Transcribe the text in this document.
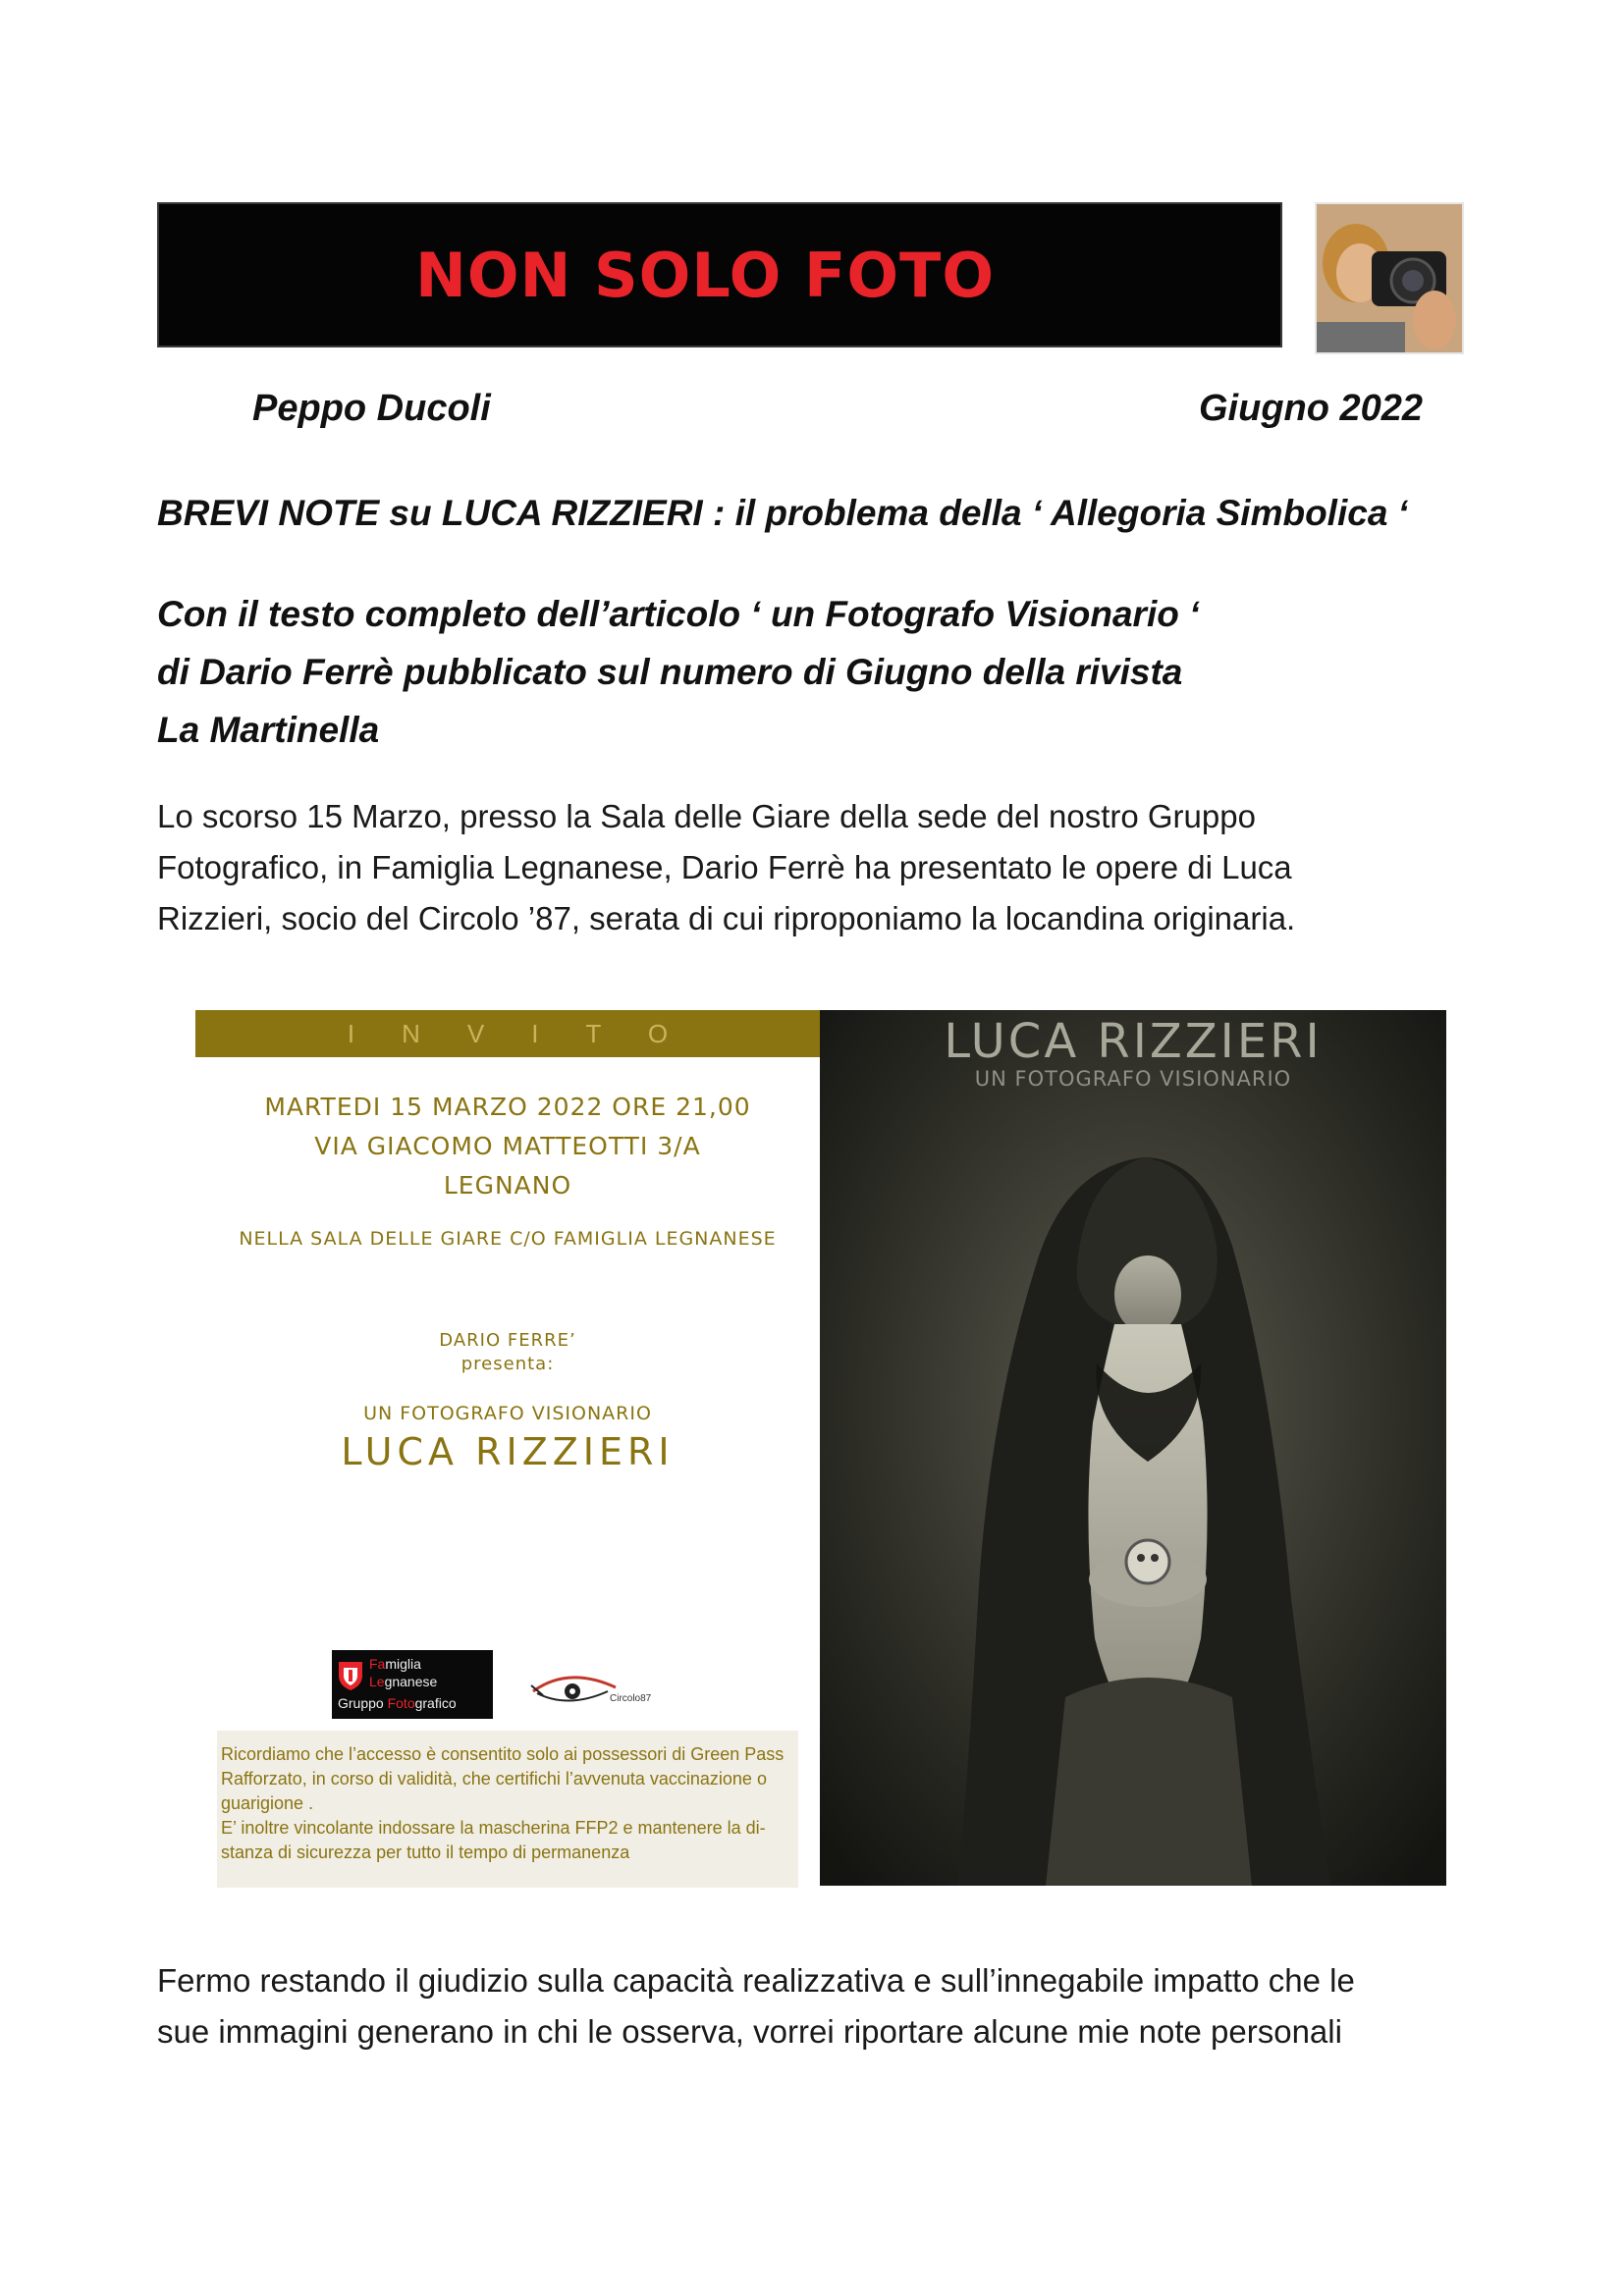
NON SOLO FOTO
Peppo Ducoli	Giugno 2022
BREVI NOTE su LUCA RIZZIERI : il problema della ‘ Allegoria Simbolica ‘
Con il testo completo dell’articolo ‘ un Fotografo Visionario ‘
di Dario Ferrè pubblicato sul numero di Giugno della rivista
La Martinella
Lo scorso 15 Marzo, presso la Sala delle Giare della sede del nostro Gruppo
Fotografico, in Famiglia Legnanese, Dario Ferrè ha presentato le opere di Luca
Rizzieri, socio del Circolo ’87, serata di cui riproponiamo la locandina originaria.
INVITO
MARTEDI 15 MARZO 2022 ORE 21,00
VIA GIACOMO MATTEOTTI 3/A
LEGNANO
NELLA SALA DELLE GIARE C/O FAMIGLIA LEGNANESE
DARIO FERRE’
presenta:
UN FOTOGRAFO VISIONARIO
LUCA RIZZIERI
Famiglia
Legnanese
Gruppo Fotografico	Circolo87

Ricordiamo che l’accesso è consentito solo ai possessori di Green Pass

Rafforzato, in corso di validità, che certifichi l’avvenuta vaccinazione o

guarigione .

E’ inoltre vincolante indossare la mascherina FFP2 e mantenere la di-

stanza di sicurezza per tutto il tempo di permanenza

LUCA RIZZIERI
UN FOTOGRAFO VISIONARIO
Fermo restando il giudizio sulla capacità realizzativa e sull’innegabile impatto che le
sue immagini generano in chi le osserva, vorrei riportare alcune mie note personali
